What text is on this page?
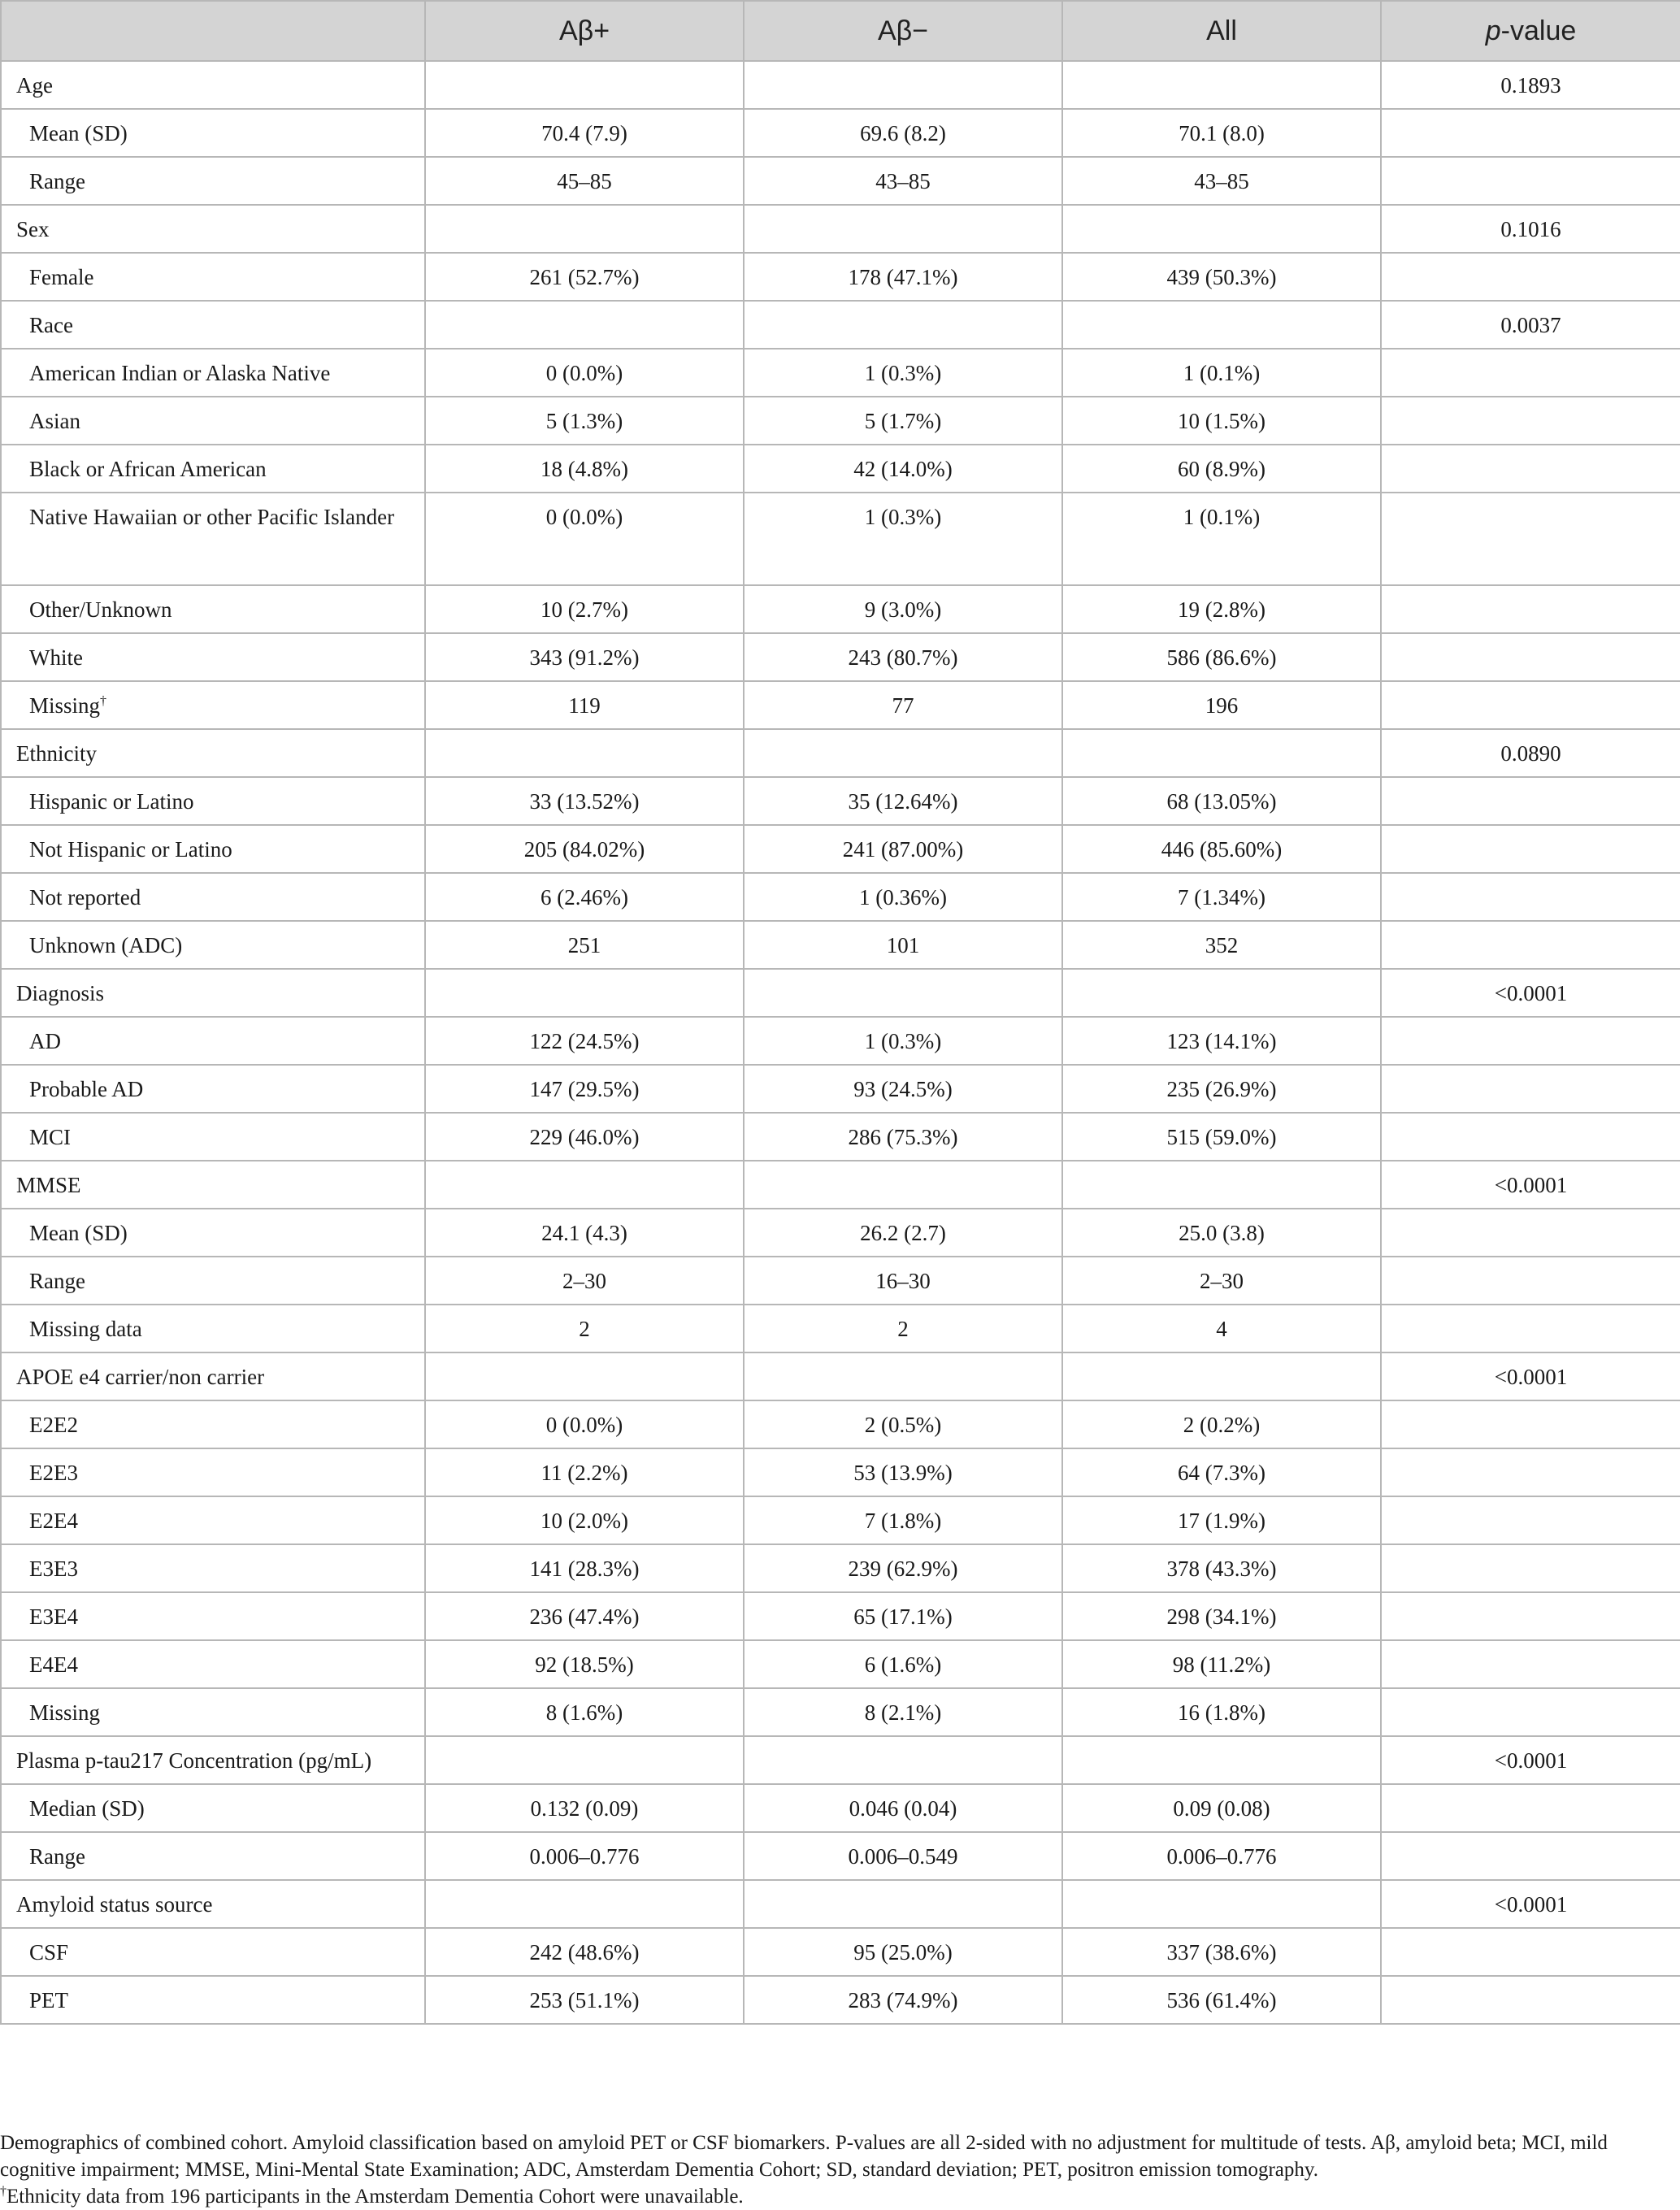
	Aβ+	Aβ−	All	p-value
Age				0.1893
Mean (SD)	70.4 (7.9)	69.6 (8.2)	70.1 (8.0)	
Range	45–85	43–85	43–85	
Sex				0.1016
Female	261 (52.7%)	178 (47.1%)	439 (50.3%)	
Race				0.0037
American Indian or Alaska Native	0 (0.0%)	1 (0.3%)	1 (0.1%)	
Asian	5 (1.3%)	5 (1.7%)	10 (1.5%)	
Black or African American	18 (4.8%)	42 (14.0%)	60 (8.9%)	
Native Hawaiian or other Pacific Islander	0 (0.0%)	1 (0.3%)	1 (0.1%)	
Other/Unknown	10 (2.7%)	9 (3.0%)	19 (2.8%)	
White	343 (91.2%)	243 (80.7%)	586 (86.6%)	
Missing†	119	77	196	
Ethnicity				0.0890
Hispanic or Latino	33 (13.52%)	35 (12.64%)	68 (13.05%)	
Not Hispanic or Latino	205 (84.02%)	241 (87.00%)	446 (85.60%)	
Not reported	6 (2.46%)	1 (0.36%)	7 (1.34%)	
Unknown (ADC)	251	101	352	
Diagnosis				<0.0001
AD	122 (24.5%)	1 (0.3%)	123 (14.1%)	
Probable AD	147 (29.5%)	93 (24.5%)	235 (26.9%)	
MCI	229 (46.0%)	286 (75.3%)	515 (59.0%)	
MMSE				<0.0001
Mean (SD)	24.1 (4.3)	26.2 (2.7)	25.0 (3.8)	
Range	2–30	16–30	2–30	
Missing data	2	2	4	
APOE e4 carrier/non carrier				<0.0001
E2E2	0 (0.0%)	2 (0.5%)	2 (0.2%)	
E2E3	11 (2.2%)	53 (13.9%)	64 (7.3%)	
E2E4	10 (2.0%)	7 (1.8%)	17 (1.9%)	
E3E3	141 (28.3%)	239 (62.9%)	378 (43.3%)	
E3E4	236 (47.4%)	65 (17.1%)	298 (34.1%)	
E4E4	92 (18.5%)	6 (1.6%)	98 (11.2%)	
Missing	8 (1.6%)	8 (2.1%)	16 (1.8%)	
Plasma p-tau217 Concentration (pg/mL)				<0.0001
Median (SD)	0.132 (0.09)	0.046 (0.04)	0.09 (0.08)	
Range	0.006–0.776	0.006–0.549	0.006–0.776	
Amyloid status source				<0.0001
CSF	242 (48.6%)	95 (25.0%)	337 (38.6%)	
PET	253 (51.1%)	283 (74.9%)	536 (61.4%)	

Demographics of combined cohort. Amyloid classification based on amyloid PET or CSF biomarkers. P-values are all 2-sided with no adjustment for multitude of tests. Aβ, amyloid beta; MCI, mild cognitive impairment; MMSE, Mini-Mental State Examination; ADC, Amsterdam Dementia Cohort; SD, standard deviation; PET, positron emission tomography.

†Ethnicity data from 196 participants in the Amsterdam Dementia Cohort were unavailable.
